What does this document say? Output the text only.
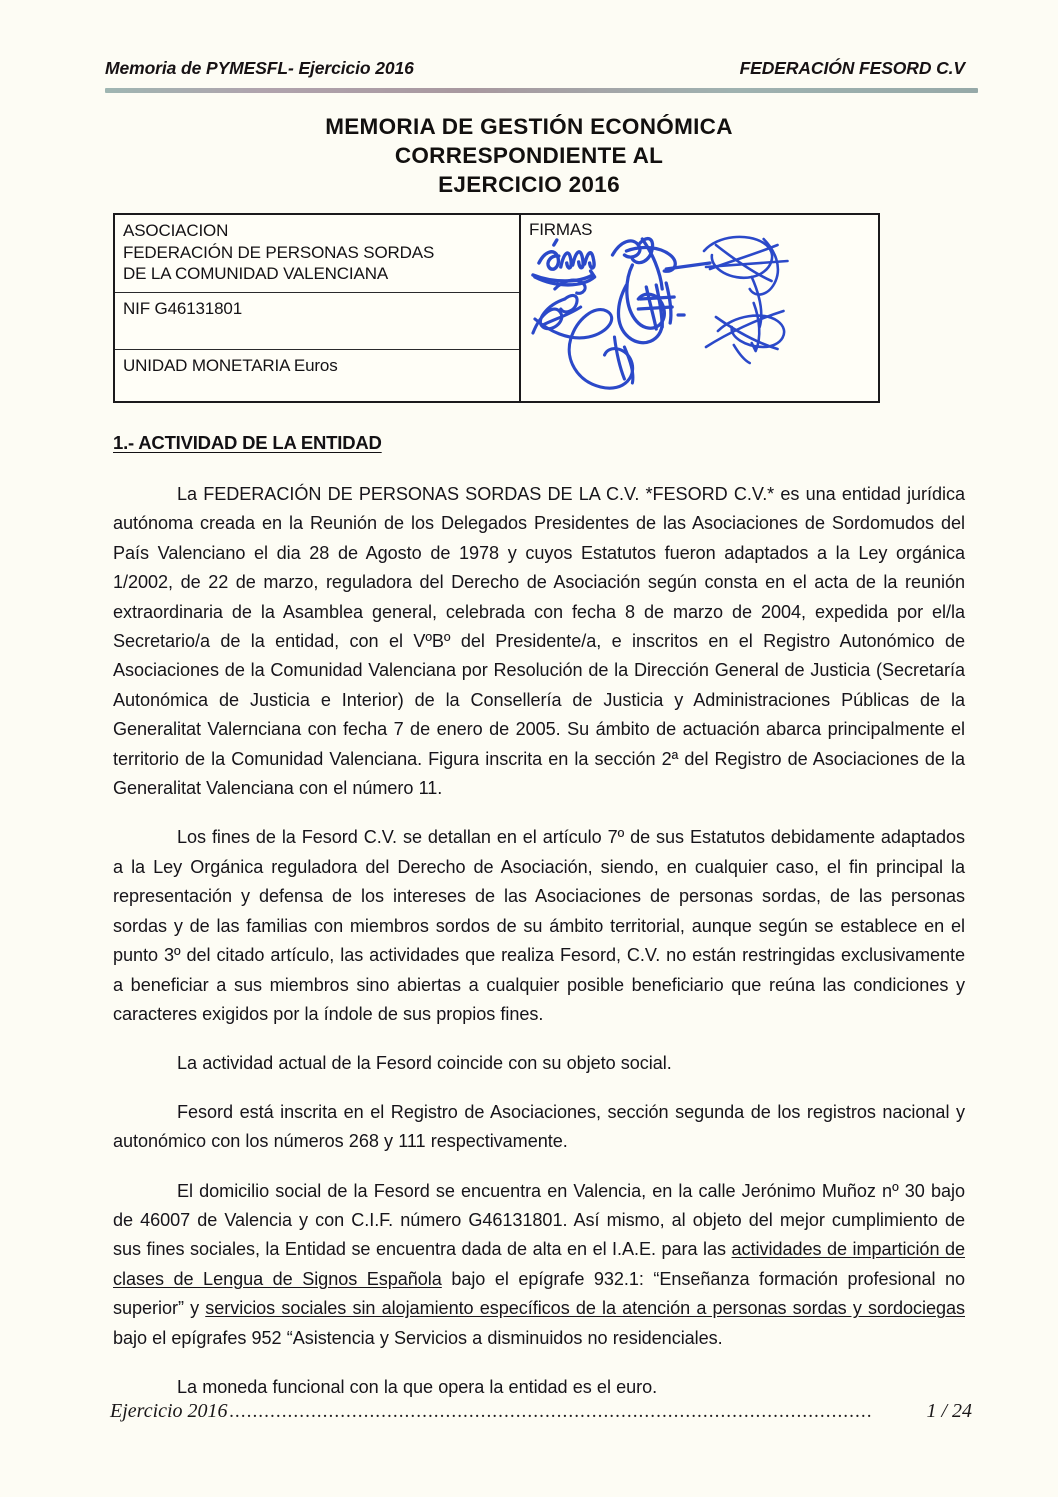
Memoria de PYMESFL- Ejercicio 2016	FEDERACIÓN FESORD C.V
MEMORIA DE GESTIÓN ECONÓMICA
CORRESPONDIENTE AL
EJERCICIO 2016
ASOCIACION
FEDERACIÓN DE PERSONAS SORDAS
DE LA COMUNIDAD VALENCIANA
NIF G46131801
UNIDAD MONETARIA Euros
FIRMAS
1.- ACTIVIDAD DE LA ENTIDAD

La FEDERACIÓN DE PERSONAS SORDAS DE LA C.V. *FESORD C.V.* es una entidad jurídica autónoma creada en la Reunión de los Delegados Presidentes de las Asociaciones de Sordomudos del País Valenciano el dia 28 de Agosto de 1978 y cuyos Estatutos fueron adaptados a la Ley orgánica 1/2002, de 22 de marzo, reguladora del Derecho de Asociación según consta en el acta de la reunión extraordinaria de la Asamblea general, celebrada con fecha 8 de marzo de 2004, expedida por el/la Secretario/a de la entidad, con el VºBº del Presidente/a, e inscritos en el Registro Autonómico de Asociaciones de la Comunidad Valenciana por Resolución de la Dirección General de Justicia (Secretaría Autonómica de Justicia e Interior) de la Consellería de Justicia y Administraciones Públicas de la Generalitat Valernciana con fecha 7 de enero de 2005. Su ámbito de actuación abarca principalmente el territorio de la Comunidad Valenciana. Figura inscrita en la sección 2ª del Registro de Asociaciones de la Generalitat Valenciana con el número 11.

Los fines de la Fesord C.V. se detallan en el artículo 7º de sus Estatutos debidamente adaptados a la Ley Orgánica reguladora del Derecho de Asociación, siendo, en cualquier caso, el fin principal la representación y defensa de los intereses de las Asociaciones de personas sordas, de las personas sordas y de las familias con miembros sordos de su ámbito territorial, aunque según se establece en el punto 3º del citado artículo, las actividades que realiza Fesord, C.V. no están restringidas exclusivamente a beneficiar a sus miembros sino abiertas a cualquier posible beneficiario que reúna las condiciones y caracteres exigidos por la índole de sus propios fines.

La actividad actual de la Fesord coincide con su objeto social.

Fesord está inscrita en el Registro de Asociaciones, sección segunda de los registros nacional y autonómico con los números 268 y 111 respectivamente.

El domicilio social de la Fesord se encuentra en Valencia, en la calle Jerónimo Muñoz nº 30 bajo de 46007 de Valencia y con C.I.F. número G46131801. Así mismo, al objeto del mejor cumplimiento de sus fines sociales, la Entidad se encuentra dada de alta en el I.A.E. para las actividades de impartición de clases de Lengua de Signos Española bajo el epígrafe 932.1: “Enseñanza formación profesional no superior” y servicios sociales sin alojamiento específicos de la atención a personas sordas y sordociegas bajo el epígrafes 952 “Asistencia y Servicios a disminuidos no residenciales.

La moneda funcional con la que opera la entidad es el euro.

Ejercicio 2016 ..............................................................................................................	1 / 24
